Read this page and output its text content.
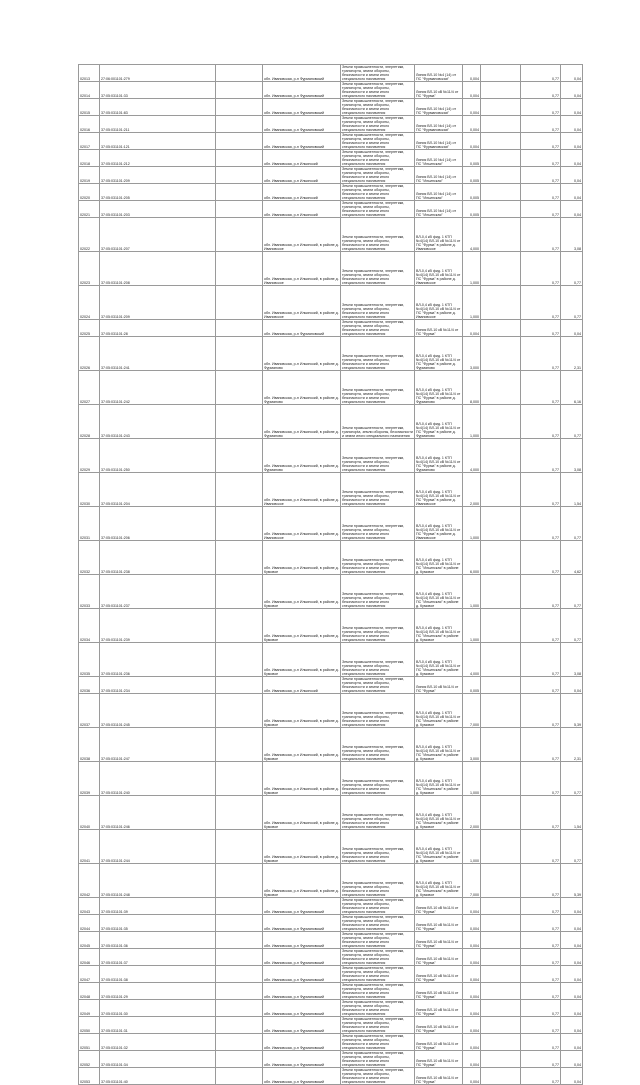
02013	27:06:001101:279		обл. Ивановская, р-н Фурмановский	Земли промышленности, энергетики, транспорта, земли обороны, безопасности и земли иного специального назначения	Линия ВЛ-10 №4 (14) от ПС "Фурмановская"	0,004		0,77	0,04
02014	37:05:031101:33		обл. Ивановская, р-н Фурмановский	Земли промышленности, энергетики, транспорта, земли обороны, безопасности и земли иного специального назначения	Линия ВЛ-10 кВ №11/4 от ПС "Фурма"	0,004		0,77	0,04
02015	37:05:031101:83		обл. Ивановская, р-н Фурмановский	Земли промышленности, энергетики, транспорта, земли обороны, безопасности и земли иного специального назначения	Линия ВЛ-10 №4 (14) от ПС "Фурмановская"	0,004		0,77	0,04
02016	37:05:031101:211		обл. Ивановская, р-н Фурмановский	Земли промышленности, энергетики, транспорта, земли обороны, безопасности и земли иного специального назначения	Линия ВЛ-10 №4 (14) от ПС "Фурмановская"	0,004		0,77	0,04
02017	37:05:031101:121		обл. Ивановская, р-н Фурмановский	Земли промышленности, энергетики, транспорта, земли обороны, безопасности и земли иного специального назначения	Линия ВЛ-10 №4 (14) от ПС "Фурмановская"	0,004		0,77	0,04
02018	37:05:031101:212		обл. Ивановская, р-н Ильинский	Земли промышленности, энергетики, транспорта, земли обороны, безопасности и земли иного специального назначения	Линия ВЛ-10 №4 (14) от ПС "Ильинская"	0,005		0,77	0,04
02019	37:05:031101:209		обл. Ивановская, р-н Ильинский	Земли промышленности, энергетики, транспорта, земли обороны, безопасности и земли иного специального назначения	Линия ВЛ-10 №4 (14) от ПС "Ильинская"	0,005		0,77	0,04
02020	37:05:031101:205		обл. Ивановская, р-н Ильинский	Земли промышленности, энергетики, транспорта, земли обороны, безопасности и земли иного специального назначения	Линия ВЛ-10 №4 (14) от ПС "Ильинская"	0,005		0,77	0,04
02021	37:05:031101:203		обл. Ивановская, р-н Ильинский	Земли промышленности, энергетики, транспорта, земли обороны, безопасности и земли иного специального назначения	Линия ВЛ-10 №4 (14) от ПС "Ильинская"	0,005		0,77	0,04
02022	37:05:031101:207		обл. Ивановская, р-н Ильинский, в районе д. Ивановское	Земли промышленности, энергетики, транспорта, земли обороны, безопасности и земли иного специального назначения	ВЛ-0,4 кВ фид. 1 КТП №4(14) ВЛ-10 кВ №11/4 от ПС "Фурма" в районе д. Ивановское	4,000		0,77	3,08
02023	37:05:031101:208		обл. Ивановская, р-н Ильинский, в районе д. Ивановское	Земли промышленности, энергетики, транспорта, земли обороны, безопасности и земли иного специального назначения	ВЛ-0,4 кВ фид. 1 КТП №4(14) ВЛ-10 кВ №11/4 от ПС "Фурма" в районе д. Ивановское	1,000		0,77	0,77
02024	37:05:031101:209		обл. Ивановская, р-н Ильинский, в районе д. Ивановское	Земли промышленности, энергетики, транспорта, земли обороны, безопасности и земли иного специального назначения	ВЛ-0,4 кВ фид. 1 КТП №4(14) ВЛ-10 кВ №11/4 от ПС "Фурма" в районе д. Ивановское	1,000		0,77	0,77
02025	37:05:031101:28		обл. Ивановская, р-н Фурмановский	Земли промышленности, энергетики, транспорта, земли обороны, безопасности и земли иного специального назначения	Линия ВЛ-10 кВ №11/4 от ПС "Фурма"	0,004		0,77	0,04
02026	37:05:031101:241		обл. Ивановская, р-н Ильинский, в районе д. Фурманово	Земли промышленности, энергетики, транспорта, земли обороны, безопасности и земли иного специального назначения	ВЛ-0,4 кВ фид. 1 КТП №4(14) ВЛ-10 кВ №11/4 от ПС "Фурма" в районе д. Фурманово	3,000		0,77	2,31
02027	37:05:031101:242		обл. Ивановская, р-н Ильинский, в районе д. Фурманово	Земли промышленности, энергетики, транспорта, земли обороны, безопасности и земли иного специального назначения	ВЛ-0,4 кВ фид. 1 КТП №4(14) ВЛ-10 кВ №11/4 от ПС "Фурма" в районе д. Фурманово	8,000		0,77	6,16
02028	37:05:031101:243		обл. Ивановская, р-н Ильинский, в районе д. Фурманово	Земли промышленности, энергетики, транспорta, земли обороны, безопасности и земли иного специального назначения	ВЛ-0,4 кВ фид. 1 КТП №4(14) ВЛ-10 кВ №11/4 от ПС "Фурма" в районе д. Фурманово	1,000		0,77	0,77
02029	37:05:031101:250		обл. Ивановская, р-н Ильинский, в районе д. Фурманово	Земли промышленности, энергетики, транспорта, земли обороны, безопасности и земли иного специального назначения	ВЛ-0,4 кВ фид. 1 КТП №4(14) ВЛ-10 кВ №11/4 от ПС "Фурма" в районе д. Фурманово	4,000		0,77	3,08
02030	37:05:031101:204		обл. Ивановская, р-н Ильинский, в районе д. Ивановское	Земли промышленности, энергетики, транспорта, земли обороны, безопасности и земли иного специального назначения	ВЛ-0,4 кВ фид. 1 КТП №4(14) ВЛ-10 кВ №11/4 от ПС "Фурма" в районе д. Ивановское	2,000		0,77	1,54
02031	37:05:031101:206		обл. Ивановская, р-н Ильинский, в районе д. Ивановское	Земли промышленности, энергетики, транспорта, земли обороны, безопасности и земли иного специального назначения	ВЛ-0,4 кВ фид. 1 КТП №4(14) ВЛ-10 кВ №11/4 от ПС "Фурма" в районе д. Ивановское	1,000		0,77	0,77
02032	37:05:031101:238		обл. Ивановская, р-н Ильинский, в районе д. Кумовое	Земли промышленности, энергетики, транспорта, земли обороны, безопасности и земли иного специального назначения	ВЛ-0,4 кВ фид. 1 КТП №4(14) ВЛ-10 кВ №11/4 от ПС "Ильинская" в районе д. Кумовое	6,000		0,77	4,62
02033	37:05:031101:237		обл. Ивановская, р-н Ильинский, в районе д. Кумовое	Земли промышленности, энергетики, транспорта, земли обороны, безопасности и земли иного специального назначения	ВЛ-0,4 кВ фид. 1 КТП №4(14) ВЛ-10 кВ №11/4 от ПС "Ильинская" в районе д. Кумовое	1,000		0,77	0,77
02034	37:05:031101:239		обл. Ивановская, р-н Ильинский, в районе д. Кумовое	Земли промышленности, энергетики, транспорта, земли обороны, безопасности и земли иного специального назначения	ВЛ-0,4 кВ фид. 1 КТП №4(14) ВЛ-10 кВ №11/4 от ПС "Ильинская" в районе д. Кумовое	1,000		0,77	0,77
02035	37:05:031101:236		обл. Ивановская, р-н Ильинский, в районе д. Кумовое	Земли промышленности, энергетики, транспорта, земли обороны, безопасности и земли иного специального назначения	ВЛ-0,4 кВ фид. 1 КТП №4(14) ВЛ-10 кВ №11/4 от ПС "Ильинская" в районе д. Кумовое	4,000		0,77	3,08
02036	37:05:031101:234		обл. Ивановская, р-н Ильинский	Земли промышленности, энергетики, транспорта, земли обороны, безопасности и земли иного специального назначения	Линия ВЛ-10 кВ №11/4 от ПС "Фурма"	0,005		0,77	0,04
02037	37:05:031101:245		обл. Ивановская, р-н Ильинский, в районе д. Кумовое	Земли промышленности, энергетики, транспорта, земли обороны, безопасности и земли иного специального назначения	ВЛ-0,4 кВ фид. 1 КТП №4(14) ВЛ-10 кВ №11/4 от ПС "Ильинская" в районе д. Кумовое	7,000		0,77	5,39
02038	37:05:031101:247		обл. Ивановская, р-н Ильинский, в районе д. Кумовое	Земли промышленности, энергетики, транспорта, земли обороны, безопасности и земли иного специального назначения	ВЛ-0,4 кВ фид. 1 КТП №4(14) ВЛ-10 кВ №11/4 от ПС "Ильинская" в районе д. Кумовое	3,000		0,77	2,31
02039	37:05:031101:240		обл. Ивановская, р-н Ильинский, в районе д. Кумовое	Земли промышленности, энергетики, транспорта, земли обороны, безопасности и земли иного специального назначения	ВЛ-0,4 кВ фид. 1 КТП №4(14) ВЛ-10 кВ №11/4 от ПС "Ильинская" в районе д. Кумовое	1,000		0,77	0,77
02040	37:05:031101:246		обл. Ивановская, р-н Ильинский, в районе д. Кумовое	Земли промышленности, энергетики, транспорта, земли обороны, безопасности и земли иного специального назначения	ВЛ-0,4 кВ фид. 1 КТП №4(14) ВЛ-10 кВ №11/4 от ПС "Ильинская" в районе д. Кумовое	2,000		0,77	1,54
02041	37:05:031101:244		обл. Ивановская, р-н Ильинский, в районе д. Кумовое	Земли промышленности, энергетики, транспорта, земли обороны, безопасности и земли иного специального назначения	ВЛ-0,4 кВ фид. 1 КТП №4(14) ВЛ-10 кВ №11/4 от ПС "Ильинская" в районе д. Кумовое	1,000		0,77	0,77
02042	37:05:031101:248		обл. Ивановская, р-н Ильинский, в районе д. Кумовое	Земли промышленности, энергетики, транспорта, земли обороны, безопасности и земли иного специального назначения	ВЛ-0,4 кВ фид. 1 КТП №4(14) ВЛ-10 кВ №11/4 от ПС "Ильинская" в районе д. Кумовое	7,000		0,77	5,39
02043	37:05:031101:39		обл. Ивановская, р-н Фурмановский	Земли промышленности, энергетики, транспорта, земли обороны, безопасности и земли иного специального назначения	Линия ВЛ-10 кВ №11/4 от ПС "Фурма"	0,004		0,77	0,04
02044	37:05:031101:35		обл. Ивановская, р-н Фурмановский	Земли промышленности, энергетики, транспорта, земли обороны, безопасности и земли иного специального назначения	Линия ВЛ-10 кВ №11/4 от ПС "Фурма"	0,004		0,77	0,04
02045	37:05:031101:36		обл. Ивановская, р-н Фурмановский	Земли промышленности, энергетики, транспорта, земли обороны, безопасности и земли иного специального назначения	Линия ВЛ-10 кВ №11/4 от ПС "Фурма"	0,004		0,77	0,04
02046	37:05:031101:37		обл. Ивановская, р-н Фурмановский	Земли промышленности, энергетики, транспорта, земли обороны, безопасности и земли иного специального назначения	Линия ВЛ-10 кВ №11/4 от ПС "Фурма"	0,004		0,77	0,04
02047	37:05:031101:38		обл. Ивановская, р-н Фурмановский	Земли промышленности, энергетики, транспорта, земли обороны, безопасности и земли иного специального назначения	Линия ВЛ-10 кВ №11/4 от ПС "Фурма"	0,004		0,77	0,04
02048	37:05:031101:29		обл. Ивановская, р-н Фурмановский	Земли промышленности, энергетики, транспорта, земли обороны, безопасности и земли иного специального назначения	Линия ВЛ-10 кВ №11/4 от ПС "Фурма"	0,004		0,77	0,04
02049	37:05:031101:30		обл. Ивановская, р-н Фурмановский	Земли промышленности, энергетики, транспорта, земли обороны, безопасности и земли иного специального назначения	Линия ВЛ-10 кВ №11/4 от ПС "Фурма"	0,004		0,77	0,04
02050	37:05:031101:31		обл. Ивановская, р-н Фурмановский	Земли промышленности, энергетики, транспорта, земли обороны, безопасности и земли иного специального назначения	Линия ВЛ-10 кВ №11/4 от ПС "Фурма"	0,004		0,77	0,04
02051	37:05:031101:32		обл. Ивановская, р-н Фурмановский	Земли промышленности, энергетики, транспорта, земли обороны, безопасности и земли иного специального назначения	Линия ВЛ-10 кВ №11/4 от ПС "Фурма"	0,004		0,77	0,04
02052	37:05:031101:34		обл. Ивановская, р-н Фурмановский	Земли промышленности, энергетики, транспорта, земли обороны, безопасности и земли иного специального назначения	Линия ВЛ-10 кВ №11/4 от ПС "Фурма"	0,004		0,77	0,04
02053	37:05:031101:40		обл. Ивановская, р-н Фурмановский	Земли промышленности, энергетики, транспорта, земли обороны, безопасности и земли иного специального назначения	Линия ВЛ-10 кВ №11/4 от ПС "Фурма"	0,004		0,77	0,04
